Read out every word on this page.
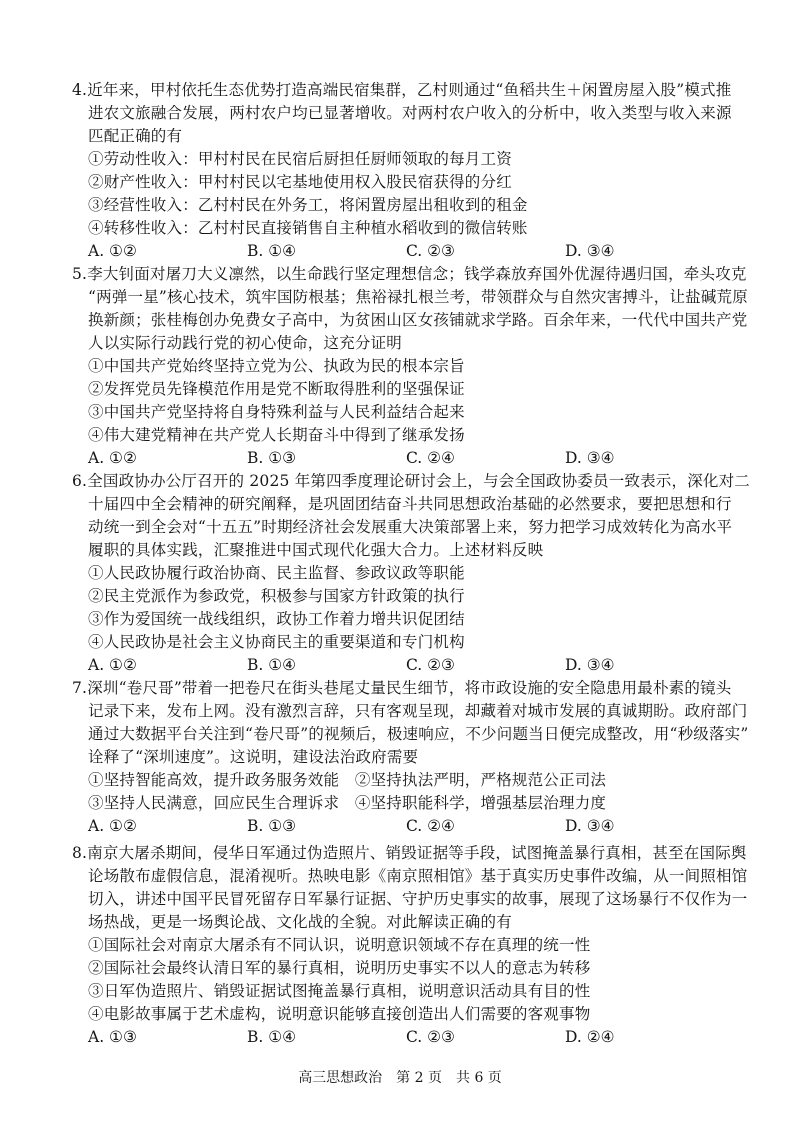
4.近年来，甲村依托生态优势打造高端民宿集群，乙村则通过“鱼稻共生＋闲置房屋入股”模式推
进农文旅融合发展，两村农户均已显著增收。对两村农户收入的分析中，收入类型与收入来源
匹配正确的有
①劳动性收入：甲村村民在民宿后厨担任厨师领取的每月工资
②财产性收入：甲村村民以宅基地使用权入股民宿获得的分红
③经营性收入：乙村村民在外务工，将闲置房屋出租收到的租金
④转移性收入：乙村村民直接销售自主种植水稻收到的微信转账
A. ①②	B. ①④	C. ②③	D. ③④
5.李大钊面对屠刀大义凛然，以生命践行坚定理想信念；钱学森放弃国外优渥待遇归国，牵头攻克
“两弹一星”核心技术，筑牢国防根基；焦裕禄扎根兰考，带领群众与自然灾害搏斗，让盐碱荒原
换新颜；张桂梅创办免费女子高中，为贫困山区女孩铺就求学路。百余年来，一代代中国共产党
人以实际行动践行党的初心使命，这充分证明
①中国共产党始终坚持立党为公、执政为民的根本宗旨
②发挥党员先锋模范作用是党不断取得胜利的坚强保证
③中国共产党坚持将自身特殊利益与人民利益结合起来
④伟大建党精神在共产党人长期奋斗中得到了继承发扬
A. ①②	B. ①③	C. ②④	D. ③④
6.全国政协办公厅召开的 2025 年第四季度理论研讨会上，与会全国政协委员一致表示，深化对二
十届四中全会精神的研究阐释，是巩固团结奋斗共同思想政治基础的必然要求，要把思想和行
动统一到全会对“十五五”时期经济社会发展重大决策部署上来，努力把学习成效转化为高水平
履职的具体实践，汇聚推进中国式现代化强大合力。上述材料反映
①人民政协履行政治协商、民主监督、参政议政等职能
②民主党派作为参政党，积极参与国家方针政策的执行
③作为爱国统一战线组织，政协工作着力增共识促团结
④人民政协是社会主义协商民主的重要渠道和专门机构
A. ①②	B. ①④	C. ②③	D. ③④
7.深圳“卷尺哥”带着一把卷尺在街头巷尾丈量民生细节，将市政设施的安全隐患用最朴素的镜头
记录下来，发布上网。没有激烈言辞，只有客观呈现，却藏着对城市发展的真诚期盼。政府部门
通过大数据平台关注到“卷尺哥”的视频后，极速响应，不少问题当日便完成整改，用“秒级落实”
诠释了“深圳速度”。这说明，建设法治政府需要
①坚持智能高效，提升政务服务效能　②坚持执法严明，严格规范公正司法
③坚持人民满意，回应民生合理诉求　④坚持职能科学，增强基层治理力度
A. ①②	B. ①③	C. ②④	D. ③④
8.南京大屠杀期间，侵华日军通过伪造照片、销毁证据等手段，试图掩盖暴行真相，甚至在国际舆
论场散布虚假信息，混淆视听。热映电影《南京照相馆》基于真实历史事件改编，从一间照相馆
切入，讲述中国平民冒死留存日军暴行证据、守护历史事实的故事，展现了这场暴行不仅作为一
场热战，更是一场舆论战、文化战的全貌。对此解读正确的有
①国际社会对南京大屠杀有不同认识，说明意识领域不存在真理的统一性
②国际社会最终认清日军的暴行真相，说明历史事实不以人的意志为转移
③日军伪造照片、销毁证据试图掩盖暴行真相，说明意识活动具有目的性
④电影故事属于艺术虚构，说明意识能够直接创造出人们需要的客观事物
A. ①③	B. ①④	C. ②③	D. ②④
高三思想政治　第 2 页　共 6 页
